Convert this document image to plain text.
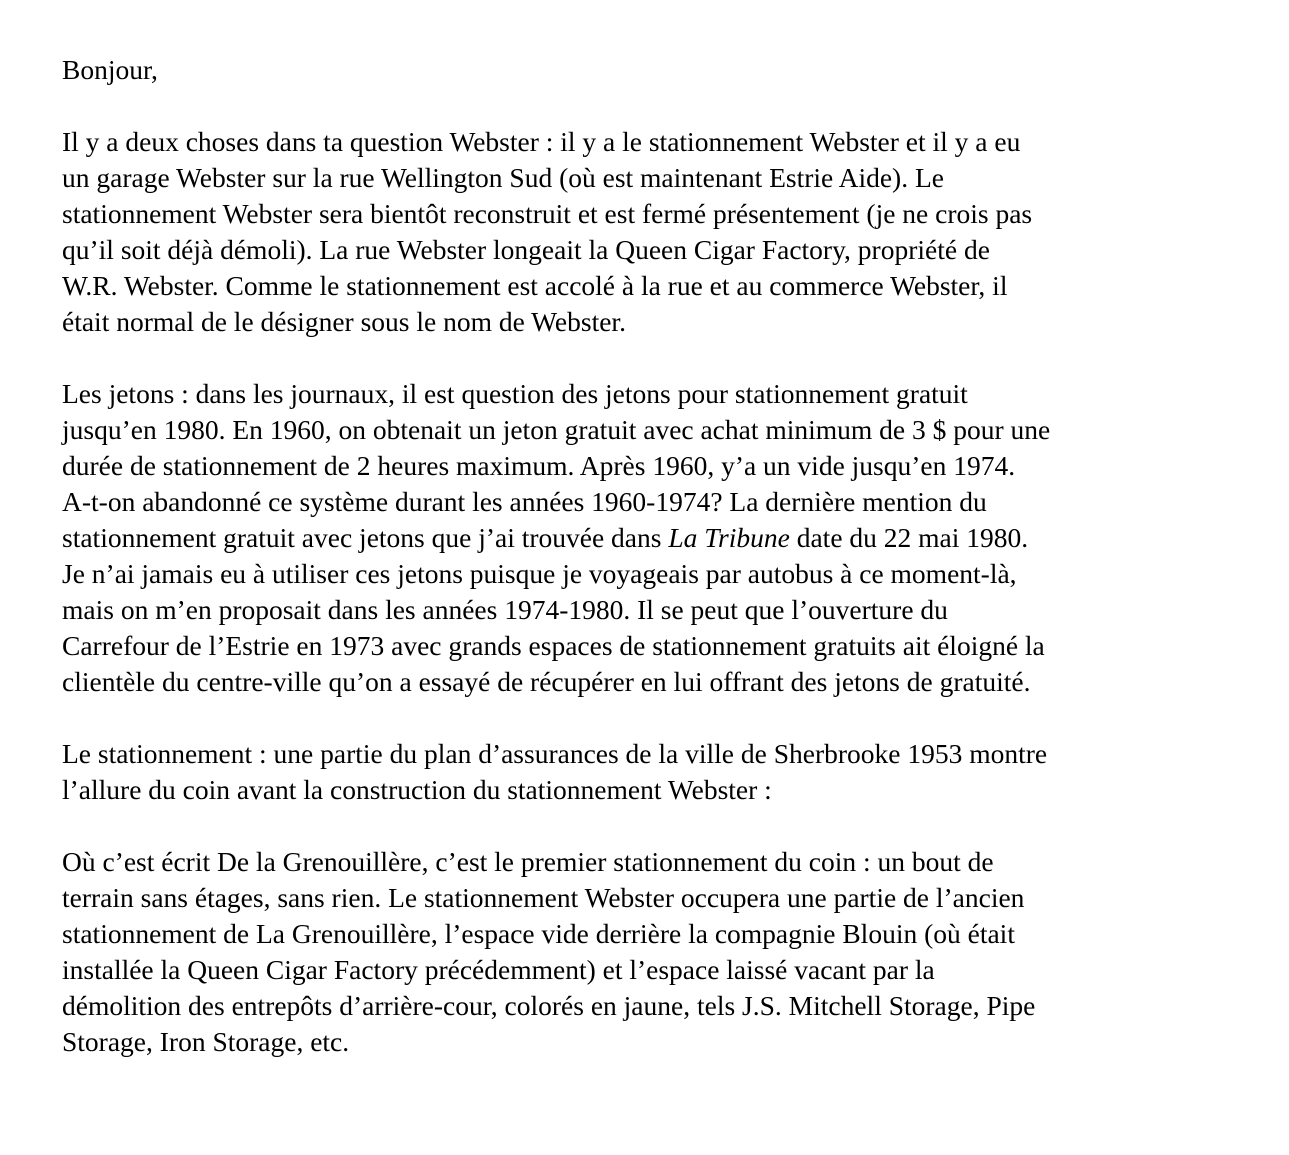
Bonjour,
Il y a deux choses dans ta question Webster : il y a le stationnement Webster et il y a eu
un garage Webster sur la rue Wellington Sud (où est maintenant Estrie Aide). Le
stationnement Webster sera bientôt reconstruit et est fermé présentement (je ne crois pas
qu’il soit déjà démoli). La rue Webster longeait la Queen Cigar Factory, propriété de
W.R. Webster. Comme le stationnement est accolé à la rue et au commerce Webster, il
était normal de le désigner sous le nom de Webster.
Les jetons : dans les journaux, il est question des jetons pour stationnement gratuit
jusqu’en 1980. En 1960, on obtenait un jeton gratuit avec achat minimum de 3 $ pour une
durée de stationnement de 2 heures maximum. Après 1960, y’a un vide jusqu’en 1974.
A-t-on abandonné ce système durant les années 1960-1974? La dernière mention du
stationnement gratuit avec jetons que j’ai trouvée dans La Tribune date du 22 mai 1980.
Je n’ai jamais eu à utiliser ces jetons puisque je voyageais par autobus à ce moment-là,
mais on m’en proposait dans les années 1974-1980. Il se peut que l’ouverture du
Carrefour de l’Estrie en 1973 avec grands espaces de stationnement gratuits ait éloigné la
clientèle du centre-ville qu’on a essayé de récupérer en lui offrant des jetons de gratuité.
Le stationnement : une partie du plan d’assurances de la ville de Sherbrooke 1953 montre
l’allure du coin avant la construction du stationnement Webster :
Où c’est écrit De la Grenouillère, c’est le premier stationnement du coin : un bout de
terrain sans étages, sans rien. Le stationnement Webster occupera une partie de l’ancien
stationnement de La Grenouillère, l’espace vide derrière la compagnie Blouin (où était
installée la Queen Cigar Factory précédemment) et l’espace laissé vacant par la
démolition des entrepôts d’arrière-cour, colorés en jaune, tels J.S. Mitchell Storage, Pipe
Storage, Iron Storage, etc.
